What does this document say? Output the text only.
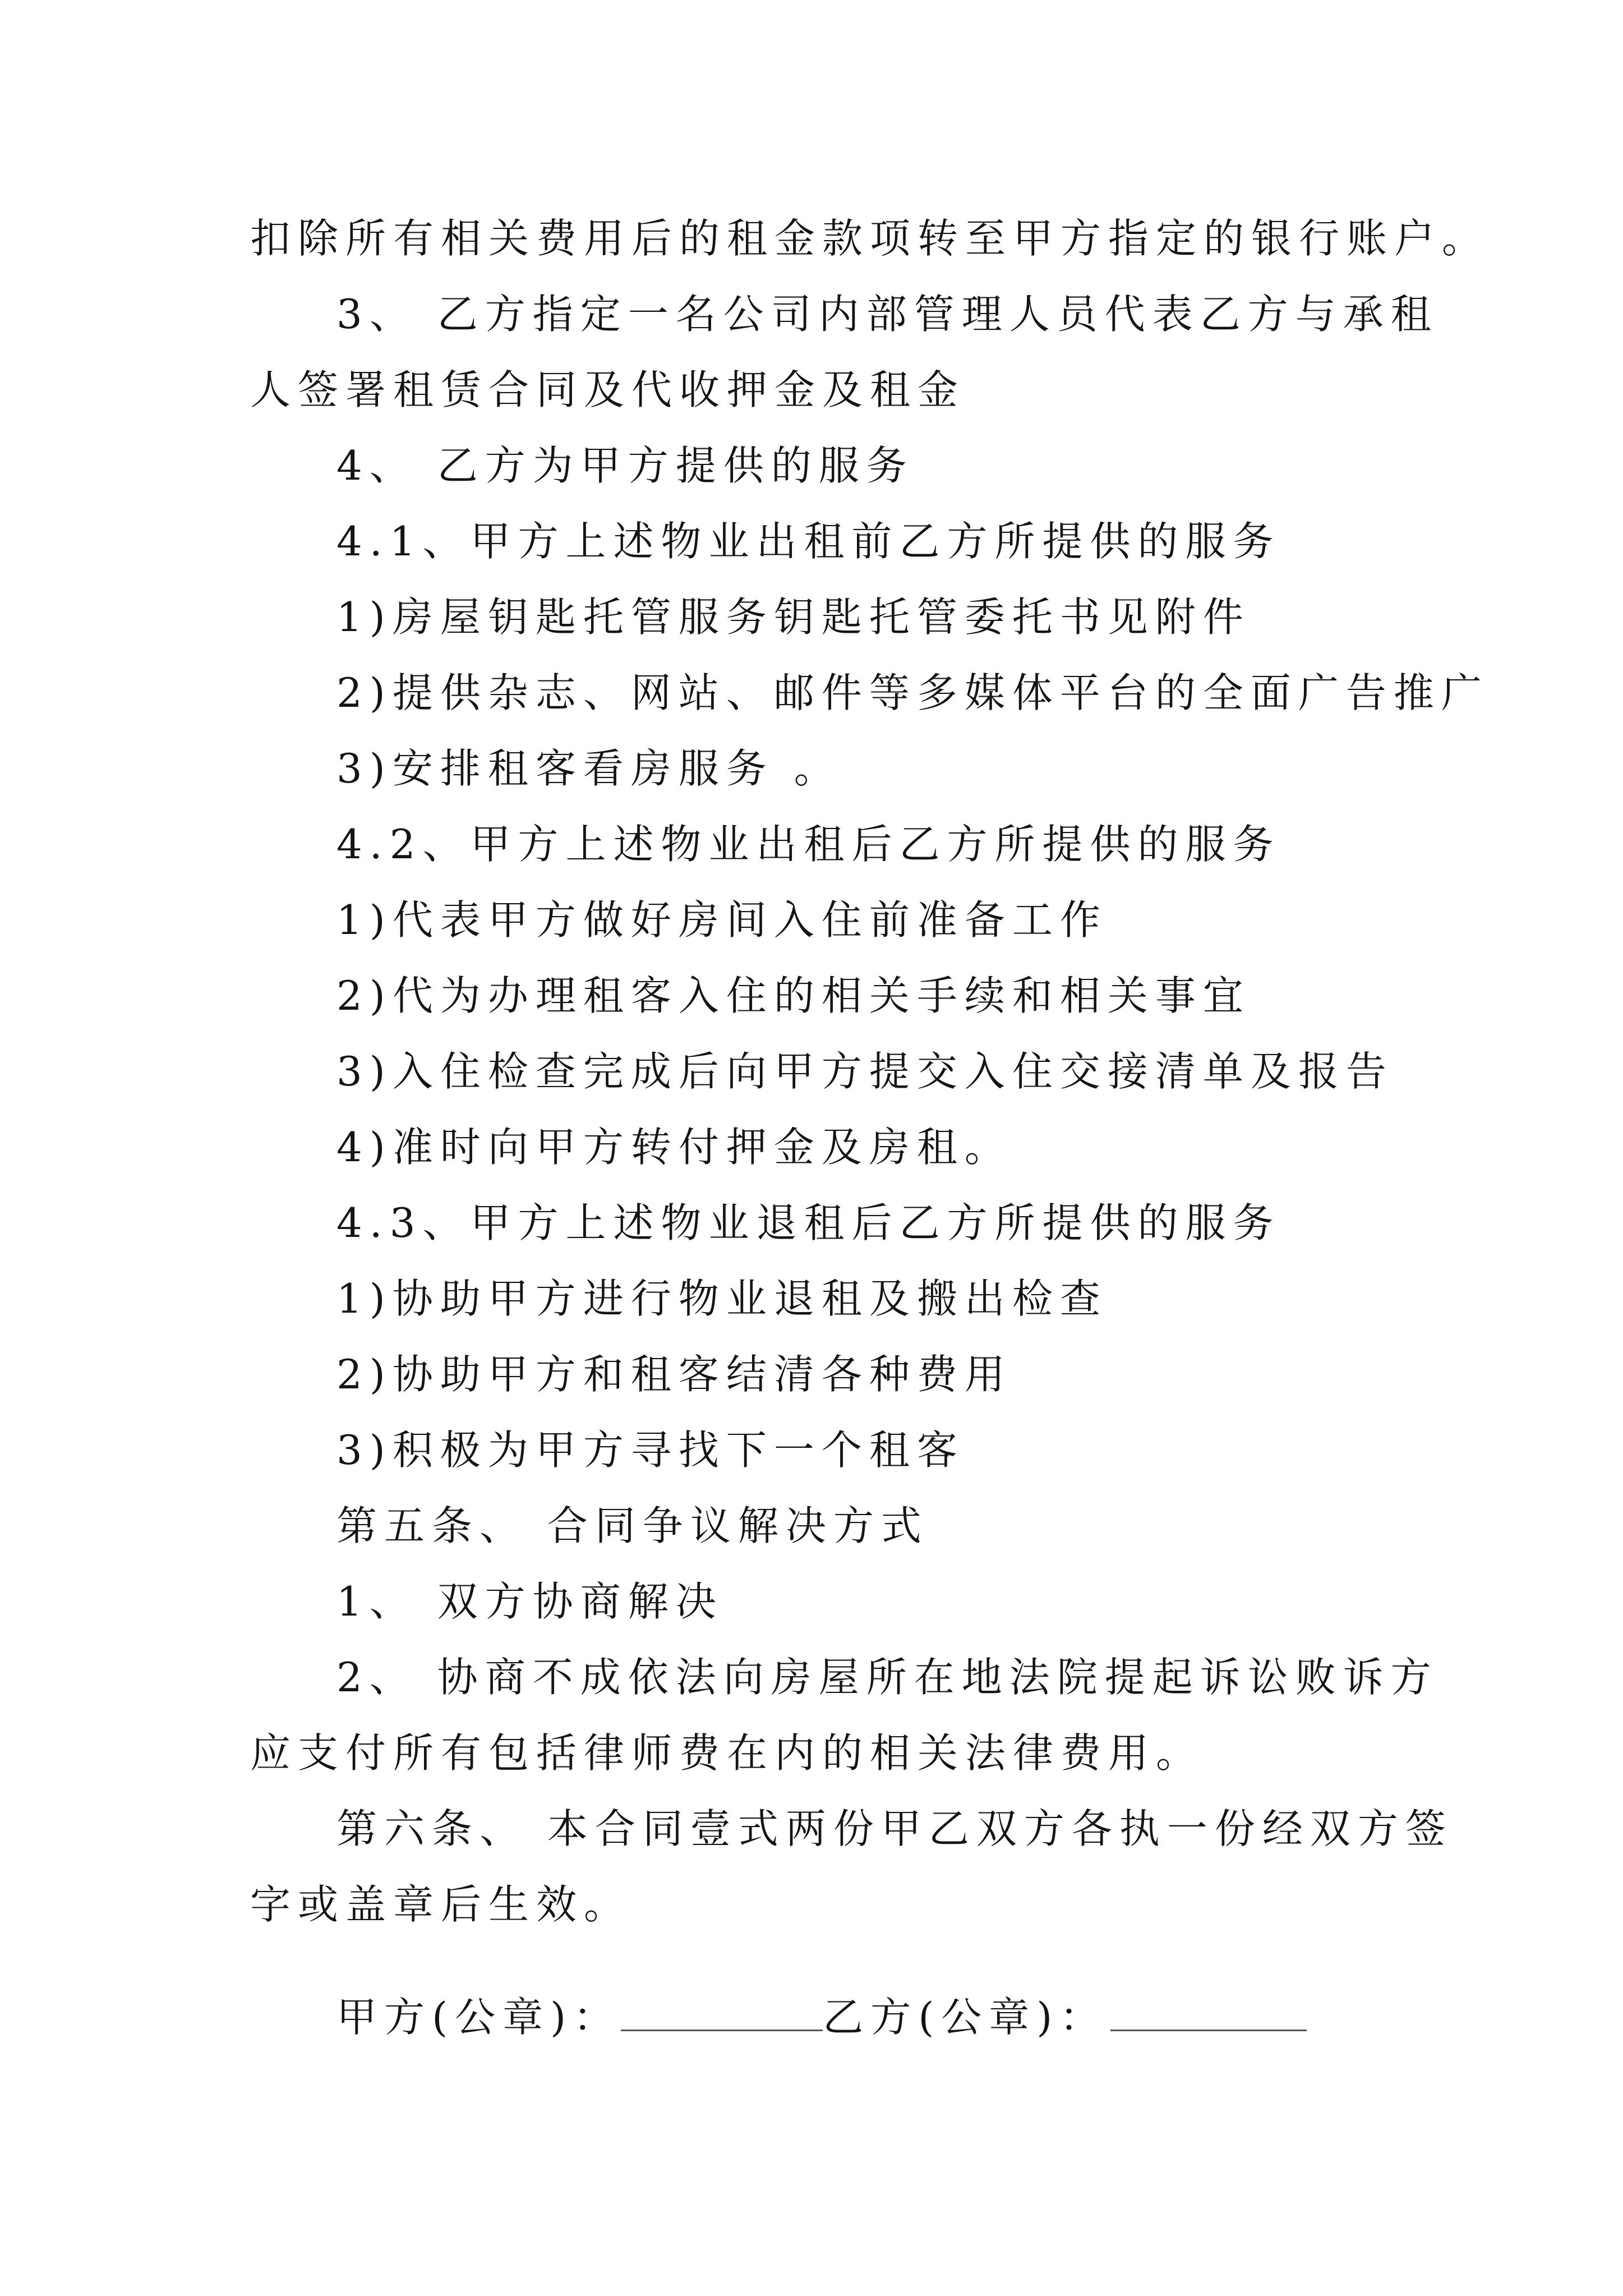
扣除所有相关费用后的租金款项转至甲方指定的银行账户。
3、 乙方指定一名公司内部管理人员代表乙方与承租
人签署租赁合同及代收押金及租金
4、 乙方为甲方提供的服务
4.1、甲方上述物业出租前乙方所提供的服务
1)房屋钥匙托管服务钥匙托管委托书见附件
2)提供杂志、网站、邮件等多媒体平台的全面广告推广
3)安排租客看房服务 。
4.2、甲方上述物业出租后乙方所提供的服务
1)代表甲方做好房间入住前准备工作
2)代为办理租客入住的相关手续和相关事宜
3)入住检查完成后向甲方提交入住交接清单及报告
4)准时向甲方转付押金及房租。
4.3、甲方上述物业退租后乙方所提供的服务
1)协助甲方进行物业退租及搬出检查
2)协助甲方和租客结清各种费用
3)积极为甲方寻找下一个租客
第五条、 合同争议解决方式
1、 双方协商解决
2、 协商不成依法向房屋所在地法院提起诉讼败诉方
应支付所有包括律师费在内的相关法律费用。
第六条、 本合同壹式两份甲乙双方各执一份经双方签
字或盖章后生效。
甲方(公章)：	乙方(公章)：
